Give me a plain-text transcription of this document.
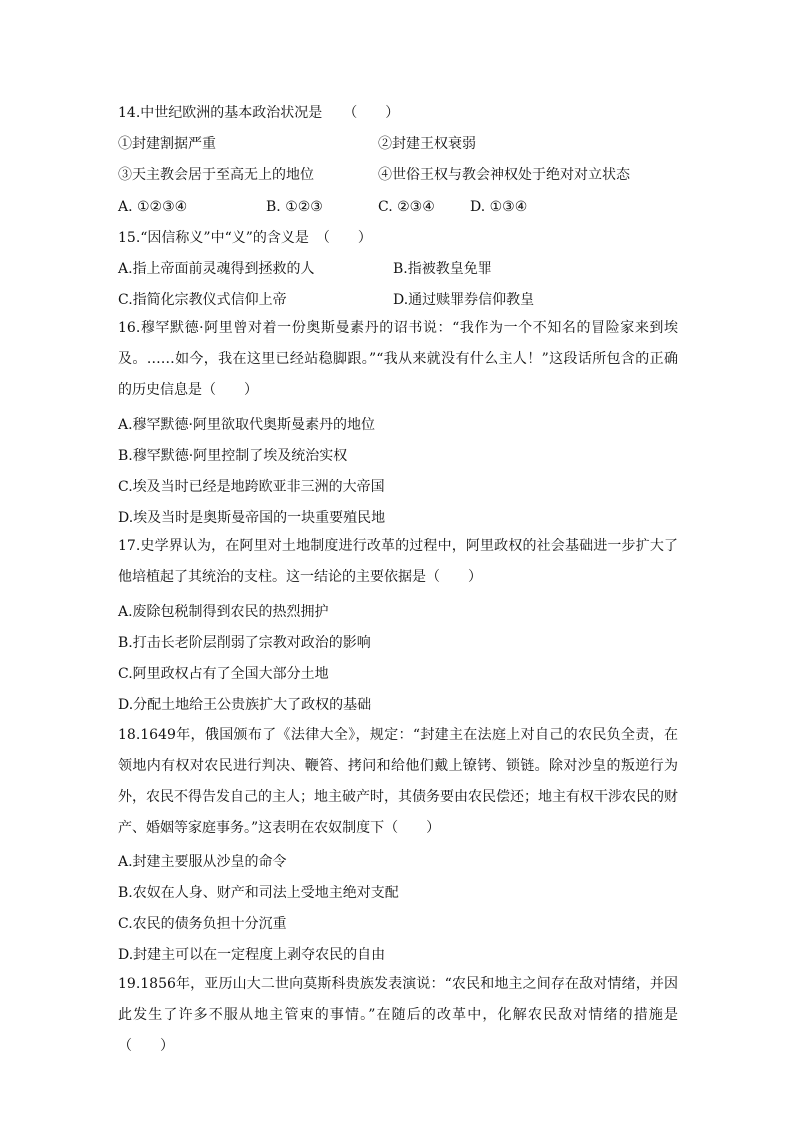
14.中世纪欧洲的基本政治状况是　　（　　）
①封建割据严重	②封建王权衰弱
③天主教会居于至高无上的地位	④世俗王权与教会神权处于绝对对立状态
A. ①②③④	B. ①②③	C. ②③④	D. ①③④
15.“因信称义”中“义”的含义是　（　　）
A.指上帝面前灵魂得到拯救的人	B.指被教皇免罪
C.指简化宗教仪式信仰上帝	D.通过赎罪券信仰教皇
16.穆罕默德·阿里曾对着一份奥斯曼素丹的诏书说：“我作为一个不知名的冒险家来到埃及。……如今，我在这里已经站稳脚跟。”“我从来就没有什么主人！”这段话所包含的正确的历史信息是（　　）
A.穆罕默德·阿里欲取代奥斯曼素丹的地位
B.穆罕默德·阿里控制了埃及统治实权
C.埃及当时已经是地跨欧亚非三洲的大帝国
D.埃及当时是奥斯曼帝国的一块重要殖民地
17.史学界认为，在阿里对土地制度进行改革的过程中，阿里政权的社会基础进一步扩大了他培植起了其统治的支柱。这一结论的主要依据是（　　）
A.废除包税制得到农民的热烈拥护
B.打击长老阶层削弱了宗教对政治的影响
C.阿里政权占有了全国大部分土地
D.分配土地给王公贵族扩大了政权的基础
18.1649年，俄国颁布了《法律大全》，规定：“封建主在法庭上对自己的农民负全责，在领地内有权对农民进行判决、鞭笞、拷问和给他们戴上镣铐、锁链。除对沙皇的叛逆行为外，农民不得告发自己的主人；地主破产时，其债务要由农民偿还；地主有权干涉农民的财产、婚姻等家庭事务。”这表明在农奴制度下（　　）
A.封建主要服从沙皇的命令
B.农奴在人身、财产和司法上受地主绝对支配
C.农民的债务负担十分沉重
D.封建主可以在一定程度上剥夺农民的自由
19.1856年，亚历山大二世向莫斯科贵族发表演说：“农民和地主之间存在敌对情绪，并因此发生了许多不服从地主管束的事情。”在随后的改革中，化解农民敌对情绪的措施是（　　）
